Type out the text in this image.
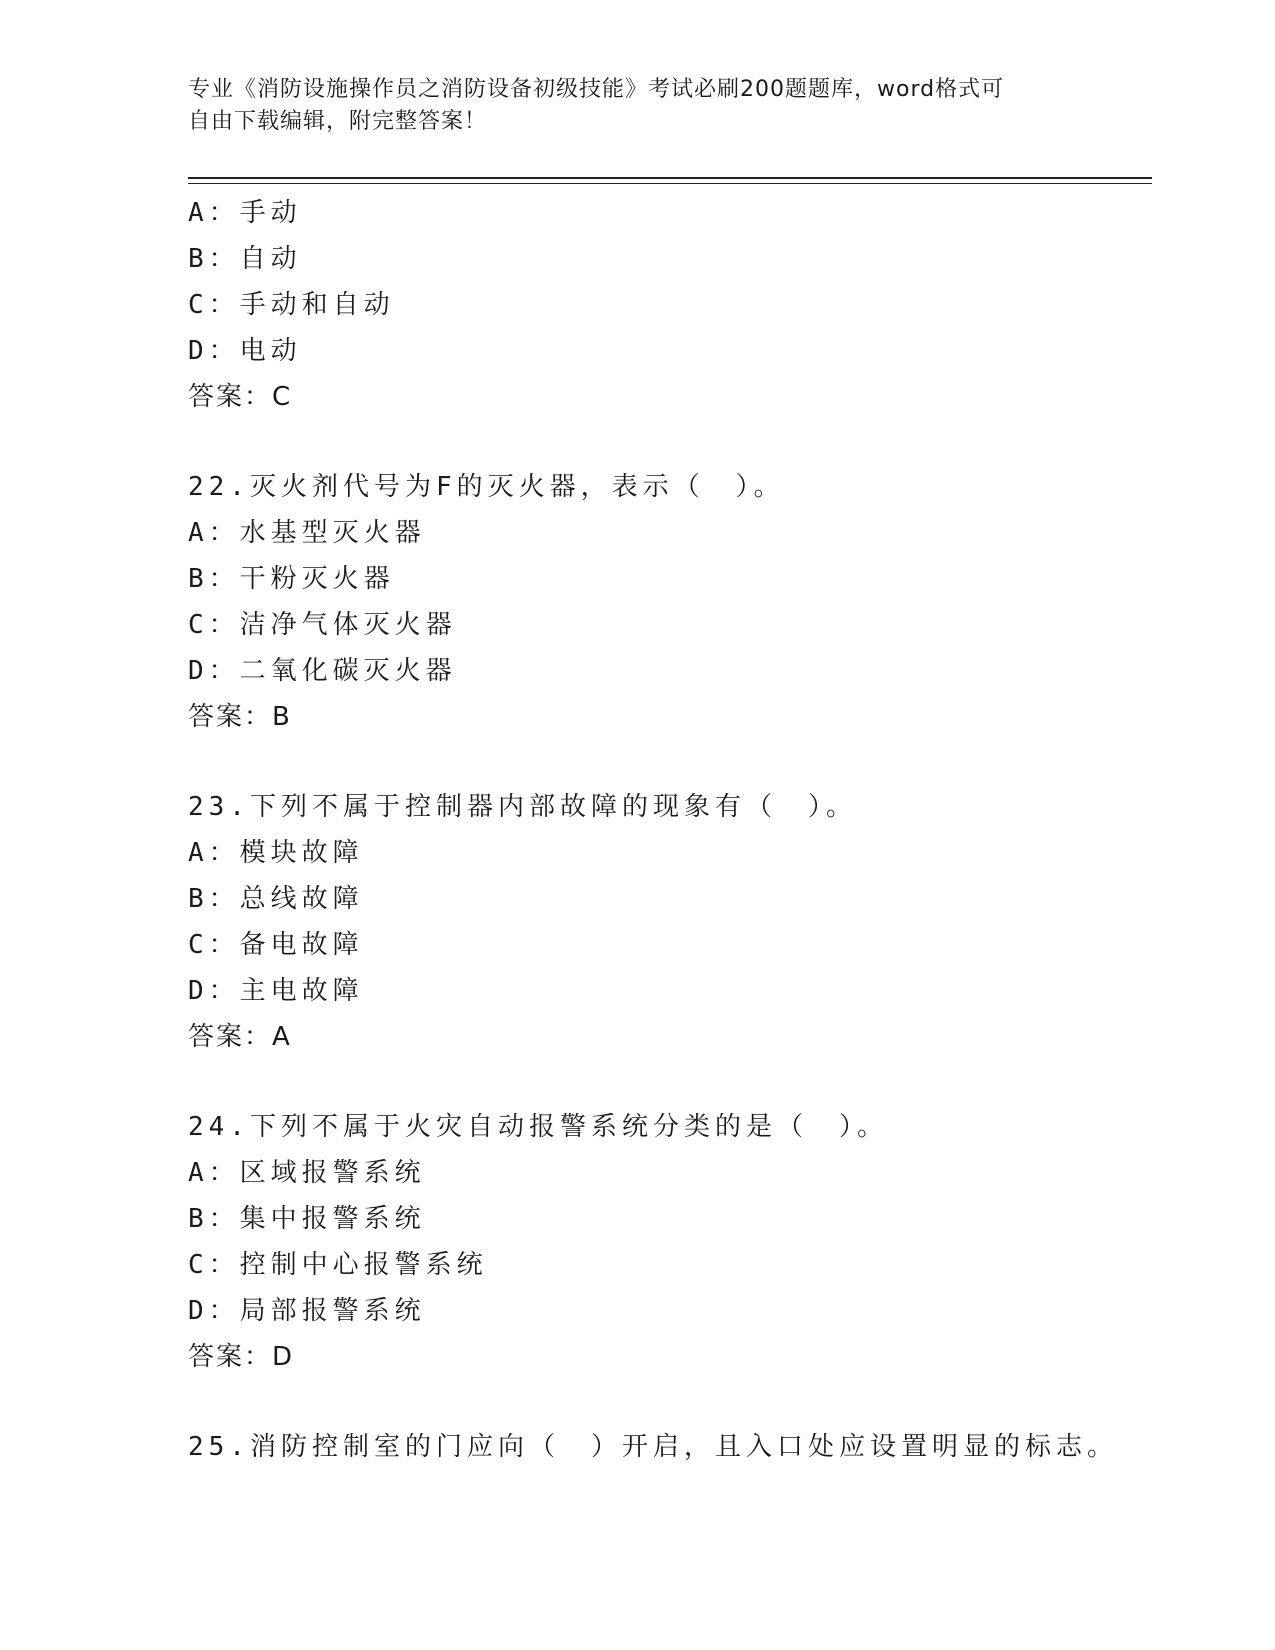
专业《消防设施操作员之消防设备初级技能》考试必刷200题题库，word格式可
自由下载编辑，附完整答案！
A：手动
B：自动
C：手动和自动
D：电动
答案：C
22.灭火剂代号为F的灭火器，表示（　）。
A：水基型灭火器
B：干粉灭火器
C：洁净气体灭火器
D：二氧化碳灭火器
答案：B
23.下列不属于控制器内部故障的现象有（　）。
A：模块故障
B：总线故障
C：备电故障
D：主电故障
答案：A
24.下列不属于火灾自动报警系统分类的是（　）。
A：区域报警系统
B：集中报警系统
C：控制中心报警系统
D：局部报警系统
答案：D
25.消防控制室的门应向（　）开启，且入口处应设置明显的标志。
